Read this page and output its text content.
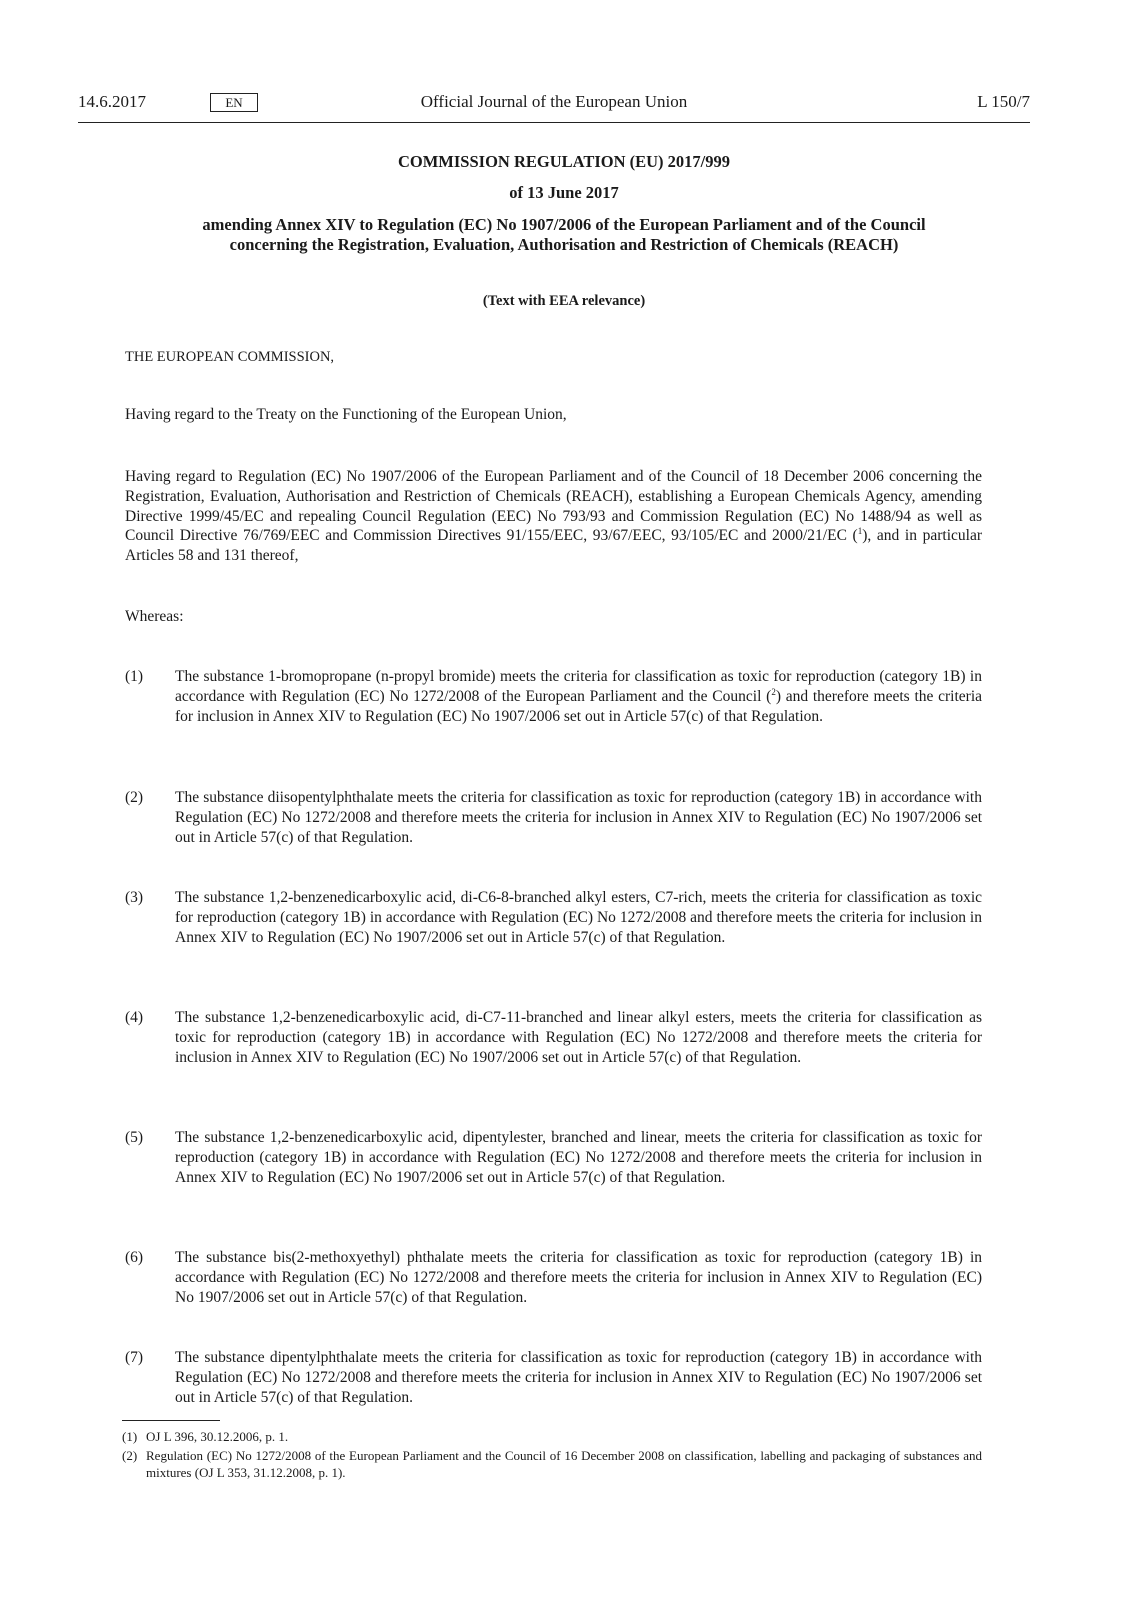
14.6.2017	EN	Official Journal of the European Union	L 150/7
COMMISSION REGULATION (EU) 2017/999
of 13 June 2017
amending Annex XIV to Regulation (EC) No 1907/2006 of the European Parliament and of the Council concerning the Registration, Evaluation, Authorisation and Restriction of Chemicals (REACH)
(Text with EEA relevance)
THE EUROPEAN COMMISSION,
Having regard to the Treaty on the Functioning of the European Union,
Having regard to Regulation (EC) No 1907/2006 of the European Parliament and of the Council of 18 December 2006 concerning the Registration, Evaluation, Authorisation and Restriction of Chemicals (REACH), establishing a European Chemicals Agency, amending Directive 1999/45/EC and repealing Council Regulation (EEC) No 793/93 and Commission Regulation (EC) No 1488/94 as well as Council Directive 76/769/EEC and Commission Directives 91/155/EEC, 93/67/EEC, 93/105/EC and 2000/21/EC ($^1$), and in particular Articles 58 and 131 thereof,
Whereas:
(1) The substance 1-bromopropane (n-propyl bromide) meets the criteria for classification as toxic for reproduction (category 1B) in accordance with Regulation (EC) No 1272/2008 of the European Parliament and the Council ($^2$) and therefore meets the criteria for inclusion in Annex XIV to Regulation (EC) No 1907/2006 set out in Article 57(c) of that Regulation.
(2) The substance diisopentylphthalate meets the criteria for classification as toxic for reproduction (category 1B) in accordance with Regulation (EC) No 1272/2008 and therefore meets the criteria for inclusion in Annex XIV to Regulation (EC) No 1907/2006 set out in Article 57(c) of that Regulation.
(3) The substance 1,2-benzenedicarboxylic acid, di-C6-8-branched alkyl esters, C7-rich, meets the criteria for classification as toxic for reproduction (category 1B) in accordance with Regulation (EC) No 1272/2008 and therefore meets the criteria for inclusion in Annex XIV to Regulation (EC) No 1907/2006 set out in Article 57(c) of that Regulation.
(4) The substance 1,2-benzenedicarboxylic acid, di-C7-11-branched and linear alkyl esters, meets the criteria for classification as toxic for reproduction (category 1B) in accordance with Regulation (EC) No 1272/2008 and therefore meets the criteria for inclusion in Annex XIV to Regulation (EC) No 1907/2006 set out in Article 57(c) of that Regulation.
(5) The substance 1,2-benzenedicarboxylic acid, dipentylester, branched and linear, meets the criteria for classification as toxic for reproduction (category 1B) in accordance with Regulation (EC) No 1272/2008 and therefore meets the criteria for inclusion in Annex XIV to Regulation (EC) No 1907/2006 set out in Article 57(c) of that Regulation.
(6) The substance bis(2-methoxyethyl) phthalate meets the criteria for classification as toxic for reproduction (category 1B) in accordance with Regulation (EC) No 1272/2008 and therefore meets the criteria for inclusion in Annex XIV to Regulation (EC) No 1907/2006 set out in Article 57(c) of that Regulation.
(7) The substance dipentylphthalate meets the criteria for classification as toxic for reproduction (category 1B) in accordance with Regulation (EC) No 1272/2008 and therefore meets the criteria for inclusion in Annex XIV to Regulation (EC) No 1907/2006 set out in Article 57(c) of that Regulation.
(1) OJ L 396, 30.12.2006, p. 1.
(2) Regulation (EC) No 1272/2008 of the European Parliament and the Council of 16 December 2008 on classification, labelling and packaging of substances and mixtures (OJ L 353, 31.12.2008, p. 1).
